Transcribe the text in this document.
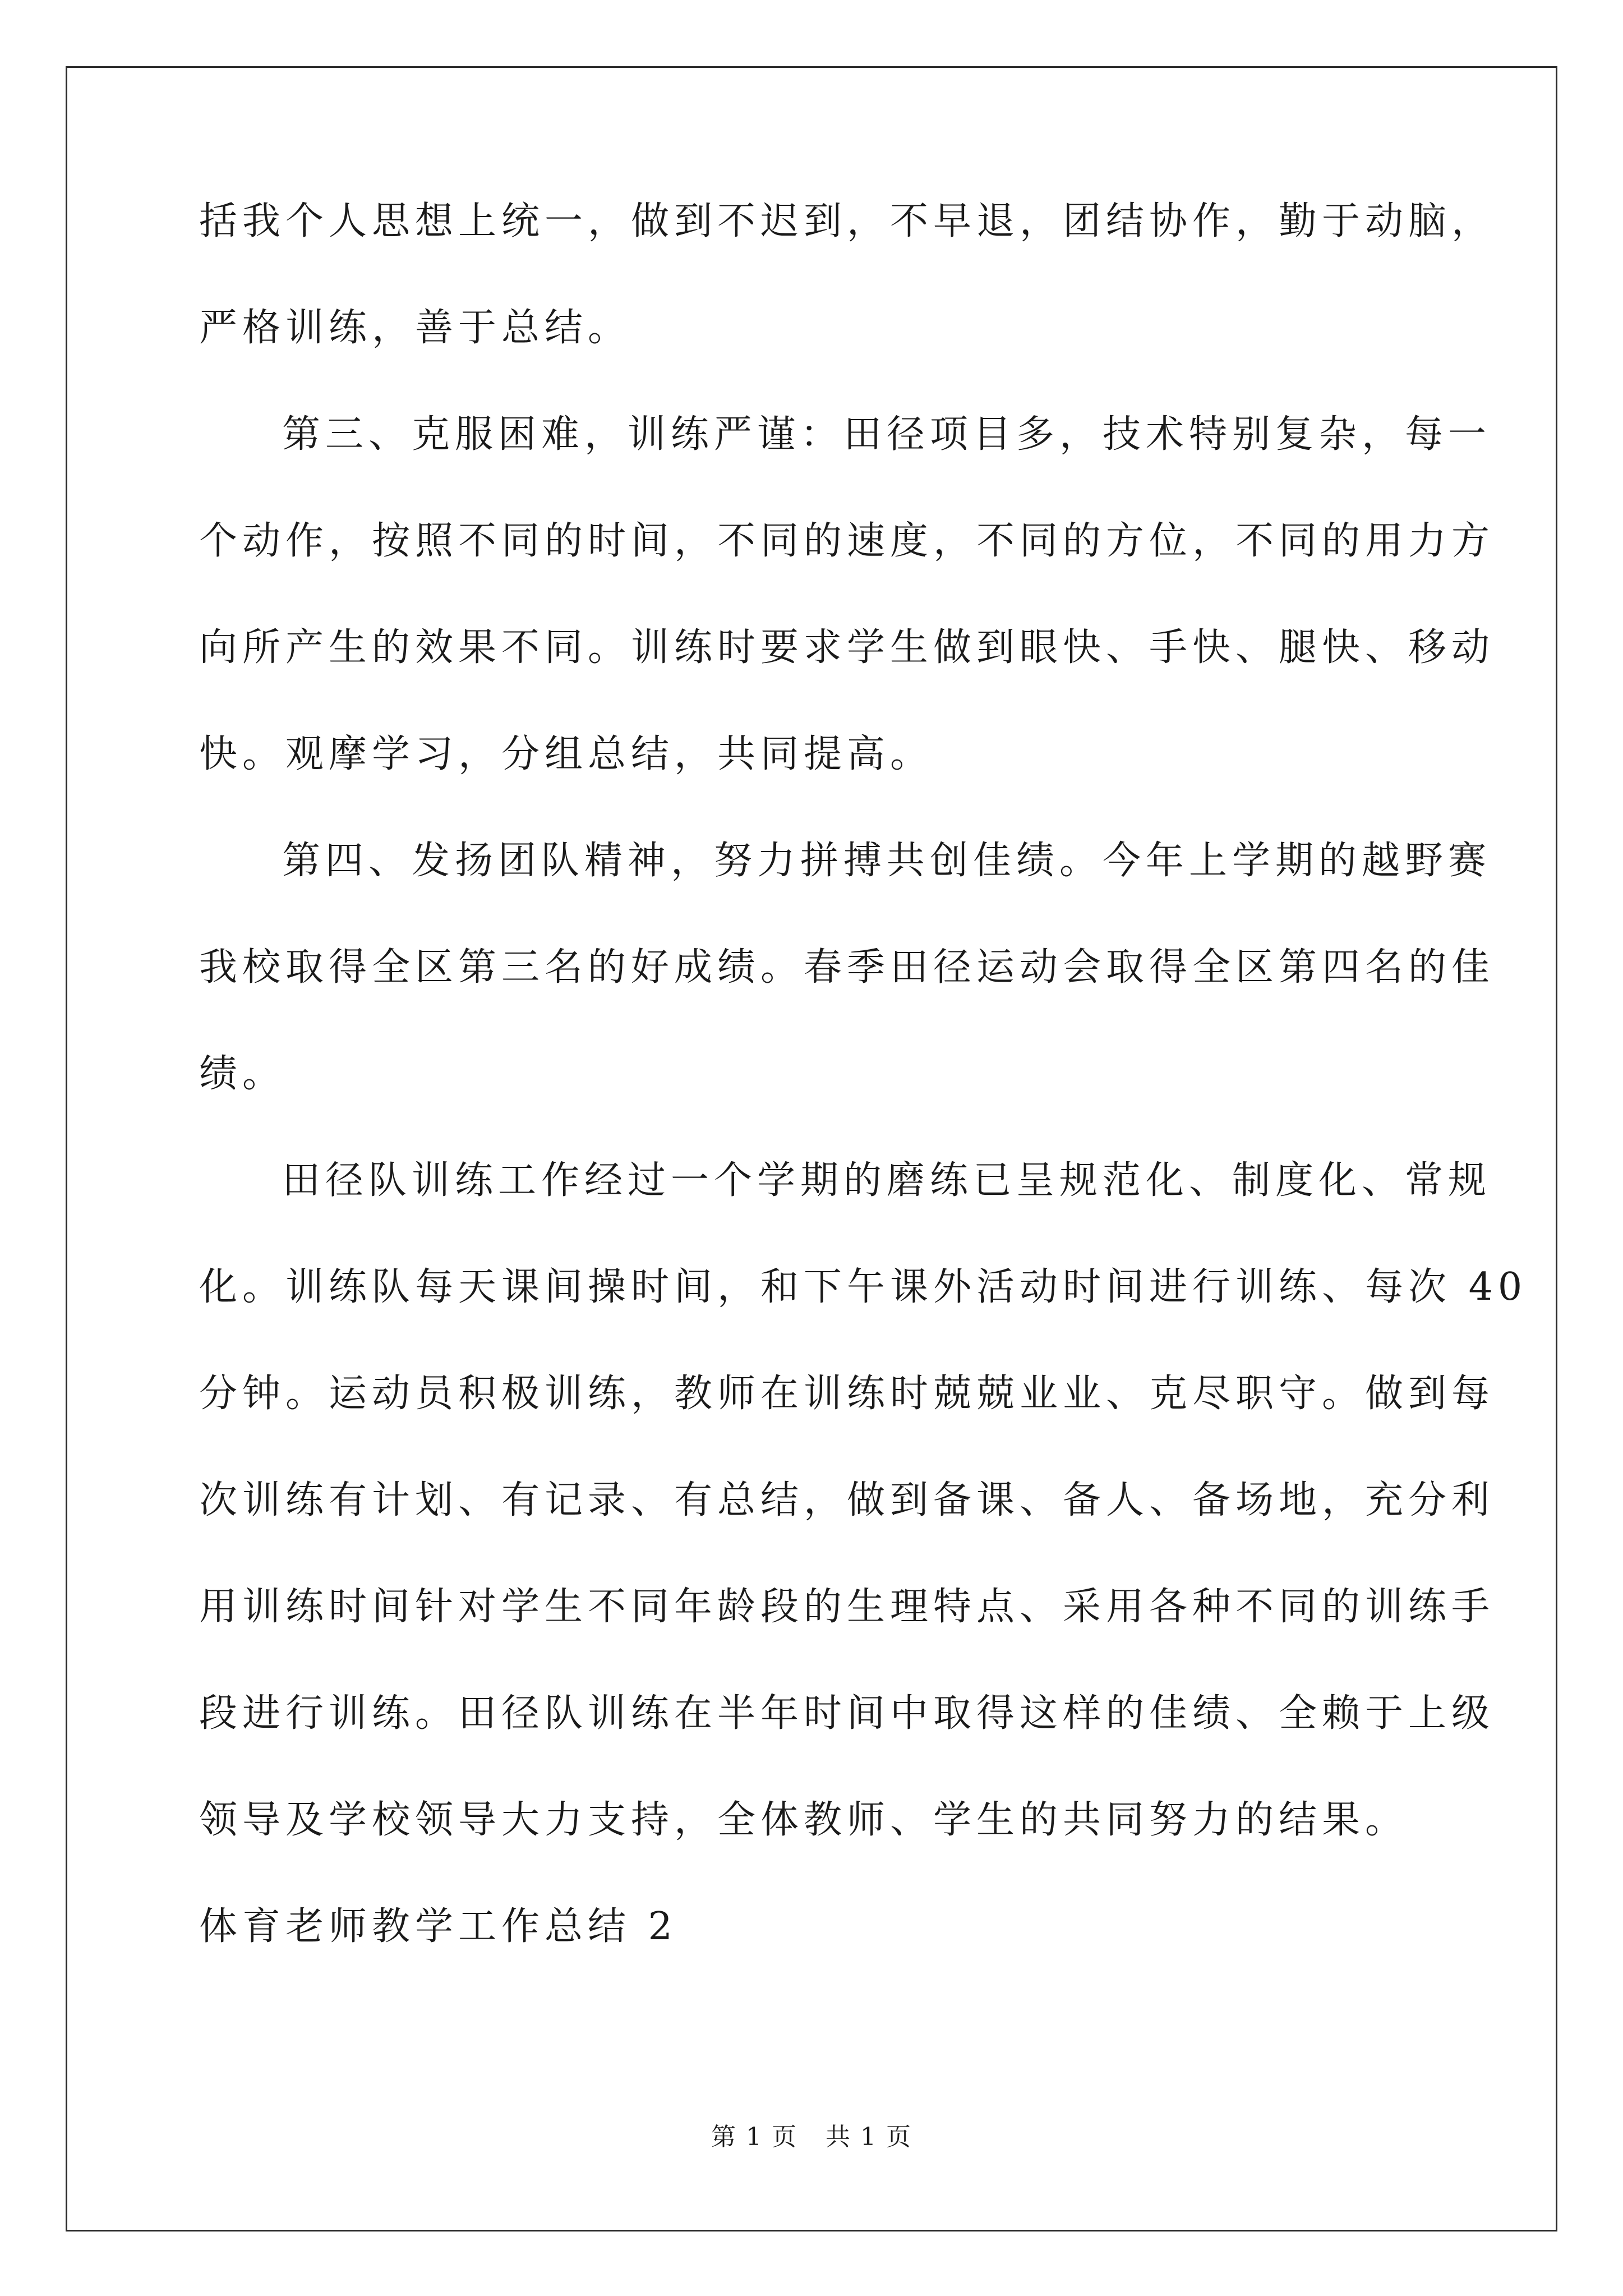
括我个人思想上统一，做到不迟到，不早退，团结协作，勤于动脑，
严格训练，善于总结。
第三、克服困难，训练严谨：田径项目多，技术特别复杂，每一
个动作，按照不同的时间，不同的速度，不同的方位，不同的用力方
向所产生的效果不同。训练时要求学生做到眼快、手快、腿快、移动
快。观摩学习，分组总结，共同提高。
第四、发扬团队精神，努力拼搏共创佳绩。今年上学期的越野赛
我校取得全区第三名的好成绩。春季田径运动会取得全区第四名的佳
绩。
田径队训练工作经过一个学期的磨练已呈规范化、制度化、常规
化。训练队每天课间操时间，和下午课外活动时间进行训练、每次 40
分钟。运动员积极训练，教师在训练时兢兢业业、克尽职守。做到每
次训练有计划、有记录、有总结，做到备课、备人、备场地，充分利
用训练时间针对学生不同年龄段的生理特点、采用各种不同的训练手
段进行训练。田径队训练在半年时间中取得这样的佳绩、全赖于上级
领导及学校领导大力支持，全体教师、学生的共同努力的结果。
体育老师教学工作总结 2
第 1 页 共 1 页
